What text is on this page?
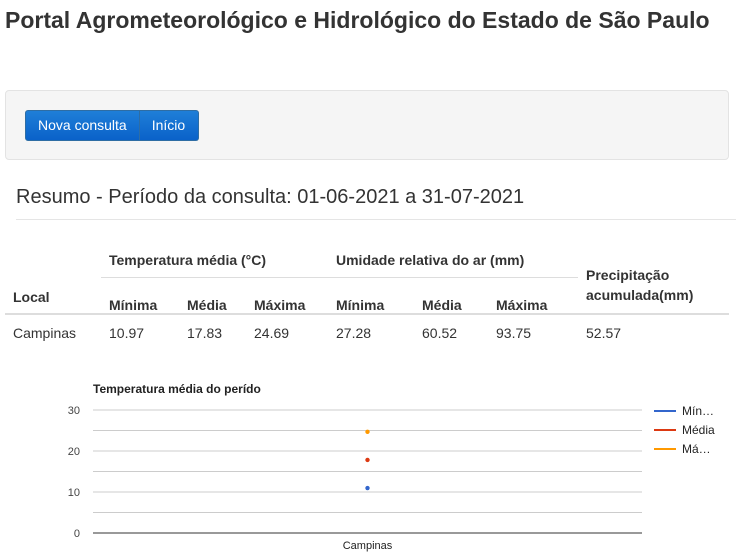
Portal Agrometeorológico e Hidrológico do Estado de São Paulo
Nova consulta	Início
Resumo - Período da consulta: 01-06-2021 a 31-07-2021
Local	Temperatura média (°C)			Umidade relativa do ar (mm)			Precipitação
acumulada(mm)
	Mínima	Média	Máxima	Mínima	Média	Máxima	
Campinas	10.97	17.83	24.69	27.28	60.52	93.75	52.57
Temperatura média do perído
0
10
20
30
Campinas
Mín…
Média
Má…
